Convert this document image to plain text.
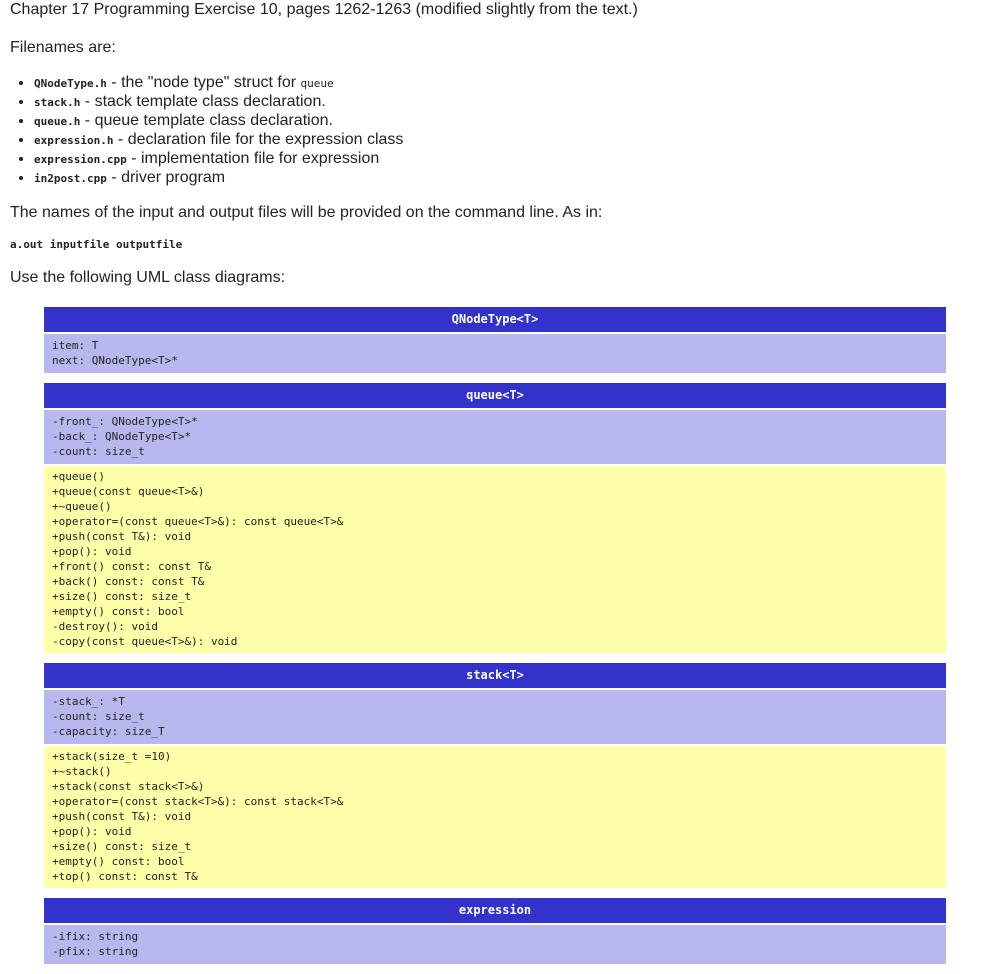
Chapter 17 Programming Exercise 10, pages 1262-1263 (modified slightly from the text.)
Filenames are:
• QNodeType.h - the "node type" struct for queue
• stack.h - stack template class declaration.
• queue.h - queue template class declaration.
• expression.h - declaration file for the expression class
• expression.cpp - implementation file for expression
• in2post.cpp - driver program
The names of the input and output files will be provided on the command line. As in:
a.out inputfile outputfile
Use the following UML class diagrams:
QNodeType<T>
item: T
next: QNodeType<T>*
queue<T>
-front_: QNodeType<T>*
-back_: QNodeType<T>*
-count: size_t
+queue()
+queue(const queue<T>&)
+~queue()
+operator=(const queue<T>&): const queue<T>&
+push(const T&): void
+pop(): void
+front() const: const T&
+back() const: const T&
+size() const: size_t
+empty() const: bool
-destroy(): void
-copy(const queue<T>&): void
stack<T>
-stack_: *T
-count: size_t
-capacity: size_T
+stack(size_t =10)
+~stack()
+stack(const stack<T>&)
+operator=(const stack<T>&): const stack<T>&
+push(const T&): void
+pop(): void
+size() const: size_t
+empty() const: bool
+top() const: const T&
expression
-ifix: string
-pfix: string
